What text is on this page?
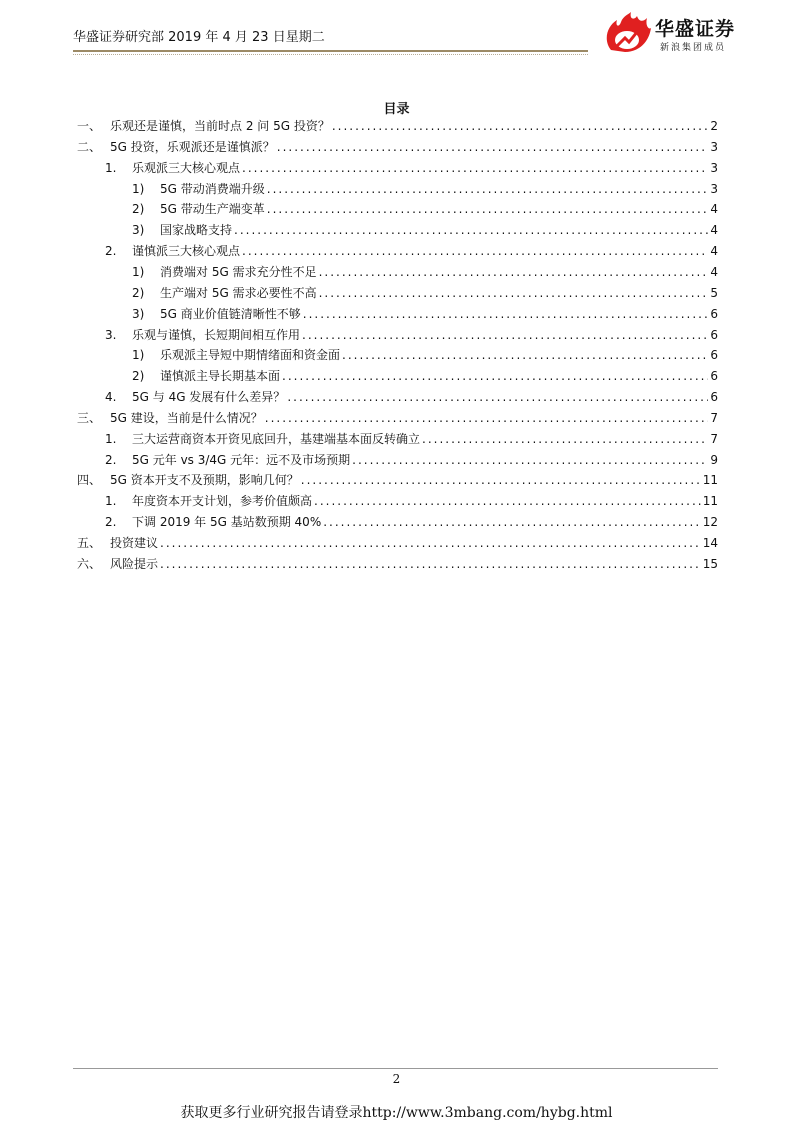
华盛证券研究部 2019 年 4 月 23 日星期二	华盛证券
新浪集团成员
目录
一、 乐观还是谨慎，当前时点 2 问 5G 投资？ .....	2
二、 5G 投资，乐观派还是谨慎派？ .....	3
1.	乐观派三大核心观点 .....	3
1)	5G 带动消费端升级 .....	3
2)	5G 带动生产端变革 .....	4
3)	国家战略支持 .....	4
2.	谨慎派三大核心观点 .....	4
1)	消费端对 5G 需求充分性不足 .....	4
2)	生产端对 5G 需求必要性不高 .....	5
3)	5G 商业价值链清晰性不够 .....	6
3.	乐观与谨慎，长短期间相互作用 .....	6
1)	乐观派主导短中期情绪面和资金面 .....	6
2)	谨慎派主导长期基本面 .....	6
4.	5G 与 4G 发展有什么差异？ .....	6
三、 5G 建设，当前是什么情况？ .....	7
1.	三大运营商资本开资见底回升，基建端基本面反转确立 .....	7
2.	5G 元年 vs 3/4G 元年：远不及市场预期 .....	9
四、 5G 资本开支不及预期，影响几何？ .....	11
1.	年度资本开支计划，参考价值颇高 .....	11
2.	下调 2019 年 5G 基站数预期 40% .....	12
五、 投资建议 .....	14
六、 风险提示 .....	15
2
获取更多行业研究报告请登录http://www.3mbang.com/hybg.html
